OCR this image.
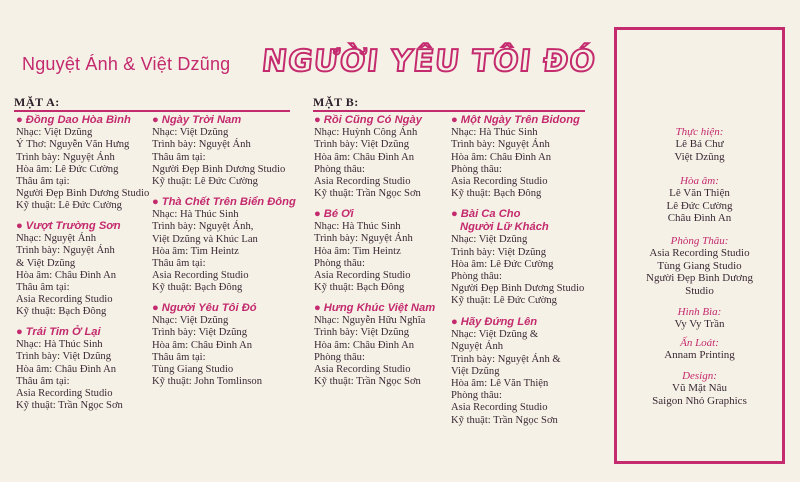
Nguyệt Ánh & Việt Dzũng NGƯỜI YÊU TÔI ĐÓ
MẶT A:	MẶT B:
● Đồng Dao Hòa Bình
Nhạc: Việt Dzũng
Ý Thơ: Nguyễn Văn Hưng
Trình bày: Nguyệt Ánh
Hòa âm: Lê Đức Cường
Thâu âm tại:
Người Đẹp Bình Dương Studio
Kỹ thuật: Lê Đức Cường
● Vượt Trường Sơn
Nhạc: Nguyệt Ánh
Trình bày: Nguyệt Ánh
& Việt Dzũng
Hòa âm: Châu Đình An
Thâu âm tại:
Asia Recording Studio
Kỹ thuật: Bạch Đông
● Trái Tim Ở Lại
Nhạc: Hà Thúc Sinh
Trình bày: Việt Dzũng
Hòa âm: Châu Đình An
Thâu âm tại:
Asia Recording Studio
Kỹ thuật: Trần Ngọc Sơn
● Ngày Trời Nam
Nhạc: Việt Dzũng
Trình bày: Nguyệt Ánh
Thâu âm tại:
Người Đẹp Bình Dương Studio
Kỹ thuật: Lê Đức Cường
● Thà Chết Trên Biển Đông
Nhạc: Hà Thúc Sinh
Trình bày: Nguyệt Ánh,
Việt Dzũng và Khúc Lan
Hòa âm: Tim Heintz
Thâu âm tại:
Asia Recording Studio
Kỹ thuật: Bạch Đông
● Người Yêu Tôi Đó
Nhạc: Việt Dzũng
Trình bày: Việt Dzũng
Hòa âm: Châu Đình An
Thâu âm tại:
Tùng Giang Studio
Kỹ thuật: John Tomlinson
● Rồi Cũng Có Ngày
Nhạc: Huỳnh Công Ánh
Trình bày: Việt Dzũng
Hòa âm: Châu Đình An
Phòng thâu:
Asia Recording Studio
Kỹ thuật: Trần Ngọc Sơn
● Bé Ơi
Nhạc: Hà Thúc Sinh
Trình bày: Nguyệt Ánh
Hòa âm: Tim Heintz
Phòng thâu:
Asia Recording Studio
Kỹ thuật: Bạch Đông
● Hưng Khúc Việt Nam
Nhạc: Nguyễn Hữu Nghĩa
Trình bày: Việt Dzũng
Hòa âm: Châu Đình An
Phòng thâu:
Asia Recording Studio
Kỹ thuật: Trần Ngọc Sơn
● Một Ngày Trên Bidong
Nhạc: Hà Thúc Sinh
Trình bày: Nguyệt Ánh
Hòa âm: Châu Đình An
Phòng thâu:
Asia Recording Studio
Kỹ thuật: Bạch Đông
● Bài Ca Cho
Người Lữ Khách
Nhạc: Việt Dzũng
Trình bày: Việt Dzũng
Hòa âm: Lê Đức Cường
Phòng thâu:
Người Đẹp Bình Dương Studio
Kỹ thuật: Lê Đức Cường
● Hãy Đứng Lên
Nhạc: Việt Dzũng &
Nguyệt Ánh
Trình bày: Nguyệt Ánh &
Việt Dzũng
Hòa âm: Lê Văn Thiện
Phòng thâu:
Asia Recording Studio
Kỹ thuật: Trần Ngọc Sơn
Thực hiện:
Lê Bá Chư
Việt Dzũng
Hòa âm:
Lê Văn Thiện
Lê Đức Cường
Châu Đình An
Phòng Thâu:
Asia Recording Studio
Tùng Giang Studio
Người Đẹp Bình Dương
Studio
Hình Bìa:
Vy Vy Trần
Ấn Loát:
Annam Printing
Design:
Vũ Mặt Nâu
Saigon Nhỏ Graphics
